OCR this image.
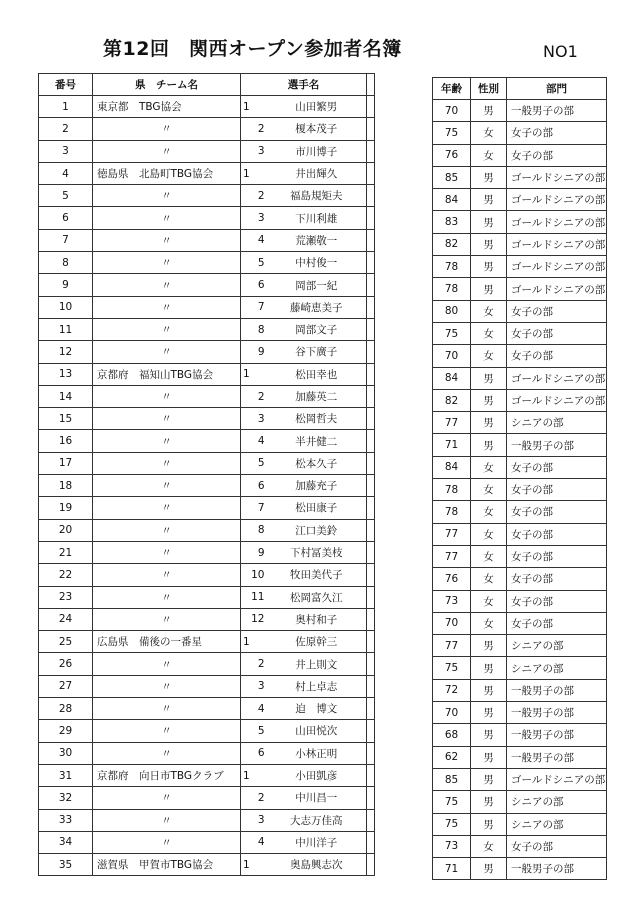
第12回　関西オープン参加者名簿	NO1
番号	県　チーム名	選手名		
1	東京都　TBG協会	1	山田繁男	
2	〃	2	榎本茂子	
3	〃	3	市川博子	
4	徳島県　北島町TBG協会	1	井出輝久	
5	〃	2	福島規矩夫	
6	〃	3	下川利雄	
7	〃	4	荒瀬敬一	
8	〃	5	中村俊一	
9	〃	6	岡部一紀	
10	〃	7	藤崎恵美子	
11	〃	8	岡部文子	
12	〃	9	谷下廣子	
13	京都府　福知山TBG協会	1	松田幸也	
14	〃	2	加藤英二	
15	〃	3	松岡哲夫	
16	〃	4	半井健二	
17	〃	5	松本久子	
18	〃	6	加藤充子	
19	〃	7	松田康子	
20	〃	8	江口美鈴	
21	〃	9	下村冨美枝	
22	〃	10	牧田美代子	
23	〃	11	松岡富久江	
24	〃	12	奥村和子	
25	広島県　備後の一番星	1	佐原幹三	
26	〃	2	井上則文	
27	〃	3	村上卓志	
28	〃	4	迫　博文	
29	〃	5	山田悦次	
30	〃	6	小林正明	
31	京都府　向日市TBGクラブ	1	小田凱彦	
32	〃	2	中川昌一	
33	〃	3	大志万佳高	
34	〃	4	中川洋子	
35	滋賀県　甲賀市TBG協会	1	奥島興志次	
年齢	性別	部門
70	男	一般男子の部
75	女	女子の部
76	女	女子の部
85	男	ゴールドシニアの部
84	男	ゴールドシニアの部
83	男	ゴールドシニアの部
82	男	ゴールドシニアの部
78	男	ゴールドシニアの部
78	男	ゴールドシニアの部
80	女	女子の部
75	女	女子の部
70	女	女子の部
84	男	ゴールドシニアの部
82	男	ゴールドシニアの部
77	男	シニアの部
71	男	一般男子の部
84	女	女子の部
78	女	女子の部
78	女	女子の部
77	女	女子の部
77	女	女子の部
76	女	女子の部
73	女	女子の部
70	女	女子の部
77	男	シニアの部
75	男	シニアの部
72	男	一般男子の部
70	男	一般男子の部
68	男	一般男子の部
62	男	一般男子の部
85	男	ゴールドシニアの部
75	男	シニアの部
75	男	シニアの部
73	女	女子の部
71	男	一般男子の部
